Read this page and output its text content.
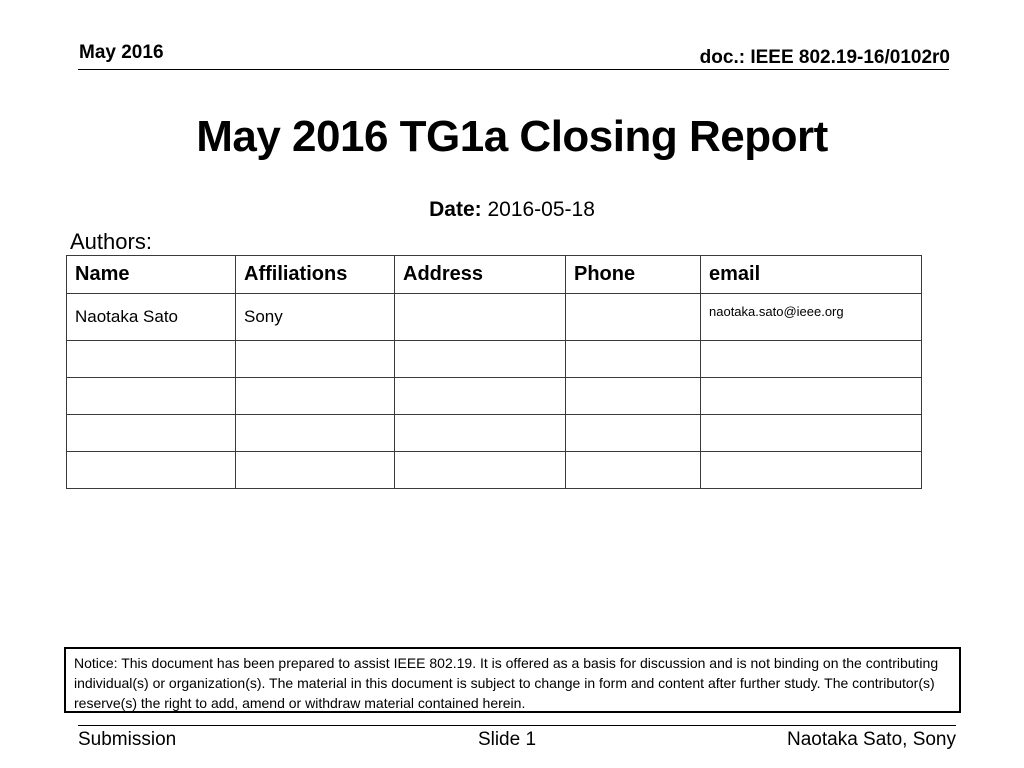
May 2016	doc.: IEEE 802.19-16/0102r0
May 2016 TG1a Closing Report
Date: 2016-05-18
Authors:
Name	Affiliations	Address	Phone	email
Naotaka Sato	Sony			naotaka.sato@ieee.org

Notice: This document has been prepared to assist IEEE 802.19. It is offered as a basis for discussion and is not binding on the contributing individual(s) or organization(s). The material in this document is subject to change in form and content after further study. The contributor(s) reserve(s) the right to add, amend or withdraw material contained herein.
Submission	Slide 1	Naotaka Sato, Sony
